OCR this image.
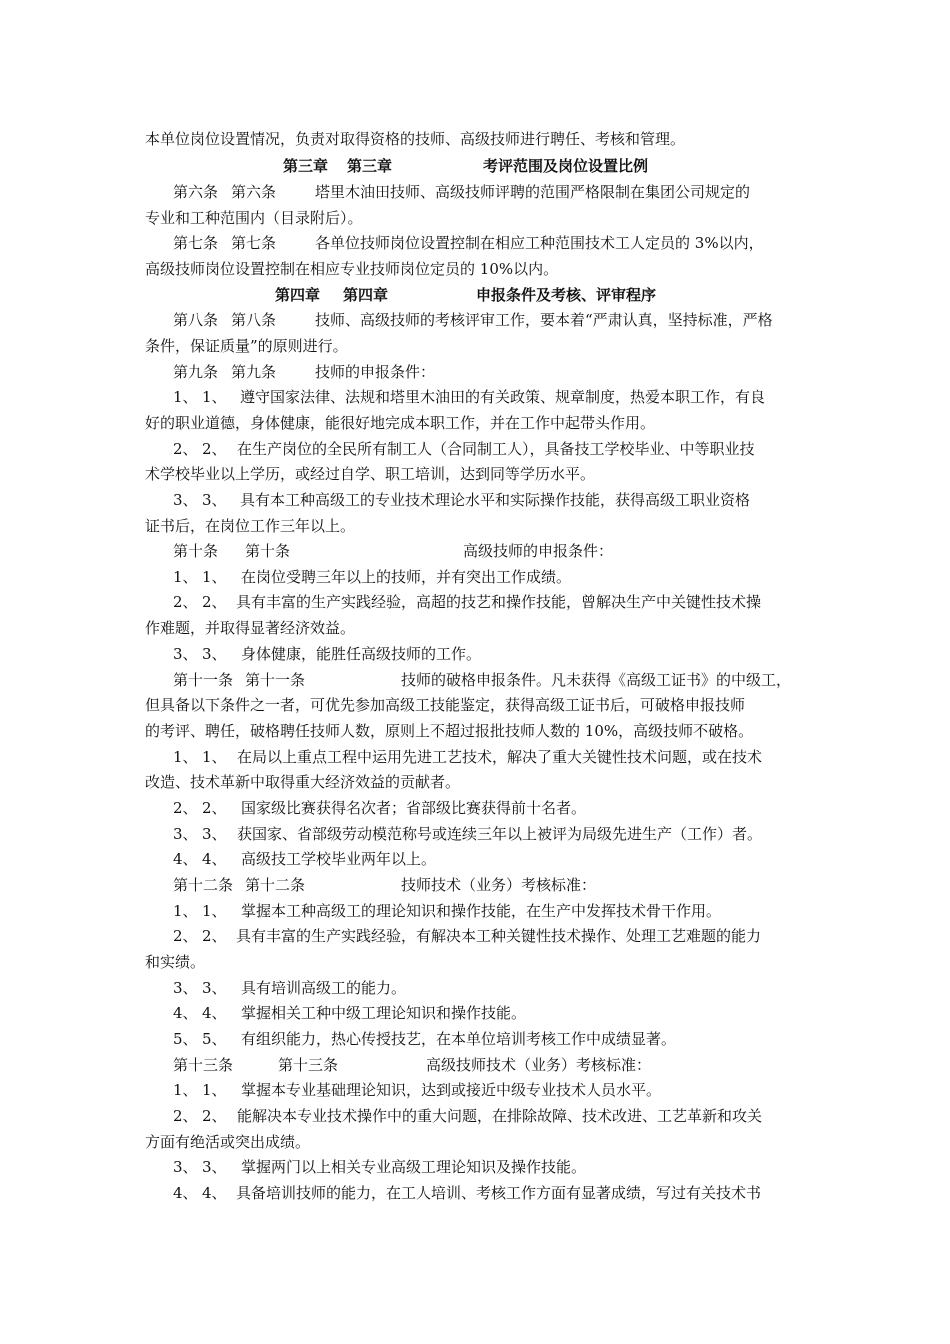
本单位岗位设置情况，负责对取得资格的技师、高级技师进行聘任、考核和管理。
第三章 第三章	考评范围及岗位设置比例
第六条 第六条	塔里木油田技师、高级技师评聘的范围严格限制在集团公司规定的
专业和工种范围内（目录附后）。
第七条 第七条	各单位技师岗位设置控制在相应工种范围技术工人定员的 3%以内，
高级技师岗位设置控制在相应专业技师岗位定员的 10%以内。
第四章 第四章	申报条件及考核、评审程序
第八条 第八条	技师、高级技师的考核评审工作，要本着“严肃认真，坚持标准，严格
条件，保证质量”的原则进行。
第九条 第九条	技师的申报条件：
1、 1、 遵守国家法律、法规和塔里木油田的有关政策、规章制度，热爱本职工作，有良
好的职业道德，身体健康，能很好地完成本职工作，并在工作中起带头作用。
2、 2、 在生产岗位的全民所有制工人（合同制工人），具备技工学校毕业、中等职业技
术学校毕业以上学历，或经过自学、职工培训，达到同等学历水平。
3、 3、 具有本工种高级工的专业技术理论水平和实际操作技能，获得高级工职业资格
证书后，在岗位工作三年以上。
第十条 第十条	高级技师的申报条件：
1、 1、 在岗位受聘三年以上的技师，并有突出工作成绩。
2、 2、 具有丰富的生产实践经验，高超的技艺和操作技能，曾解决生产中关键性技术操
作难题，并取得显著经济效益。
3、 3、 身体健康，能胜任高级技师的工作。
第十一条 第十一条	技师的破格申报条件。凡未获得《高级工证书》的中级工，
但具备以下条件之一者，可优先参加高级工技能鉴定，获得高级工证书后，可破格申报技师
的考评、聘任，破格聘任技师人数，原则上不超过报批技师人数的 10%，高级技师不破格。
1、 1、 在局以上重点工程中运用先进工艺技术，解决了重大关键性技术问题，或在技术
改造、技术革新中取得重大经济效益的贡献者。
2、 2、 国家级比赛获得名次者；省部级比赛获得前十名者。
3、 3、 获国家、省部级劳动模范称号或连续三年以上被评为局级先进生产（工作）者。
4、 4、 高级技工学校毕业两年以上。
第十二条 第十二条	技师技术（业务）考核标准：
1、 1、 掌握本工种高级工的理论知识和操作技能，在生产中发挥技术骨干作用。
2、 2、 具有丰富的生产实践经验，有解决本工种关键性技术操作、处理工艺难题的能力
和实绩。
3、 3、 具有培训高级工的能力。
4、 4、 掌握相关工种中级工理论知识和操作技能。
5、 5、 有组织能力，热心传授技艺，在本单位培训考核工作中成绩显著。
第十三条	第十三条	高级技师技术（业务）考核标准：
1、 1、 掌握本专业基础理论知识，达到或接近中级专业技术人员水平。
2、 2、 能解决本专业技术操作中的重大问题，在排除故障、技术改进、工艺革新和攻关
方面有绝活或突出成绩。
3、 3、 掌握两门以上相关专业高级工理论知识及操作技能。
4、 4、 具备培训技师的能力，在工人培训、考核工作方面有显著成绩，写过有关技术书
